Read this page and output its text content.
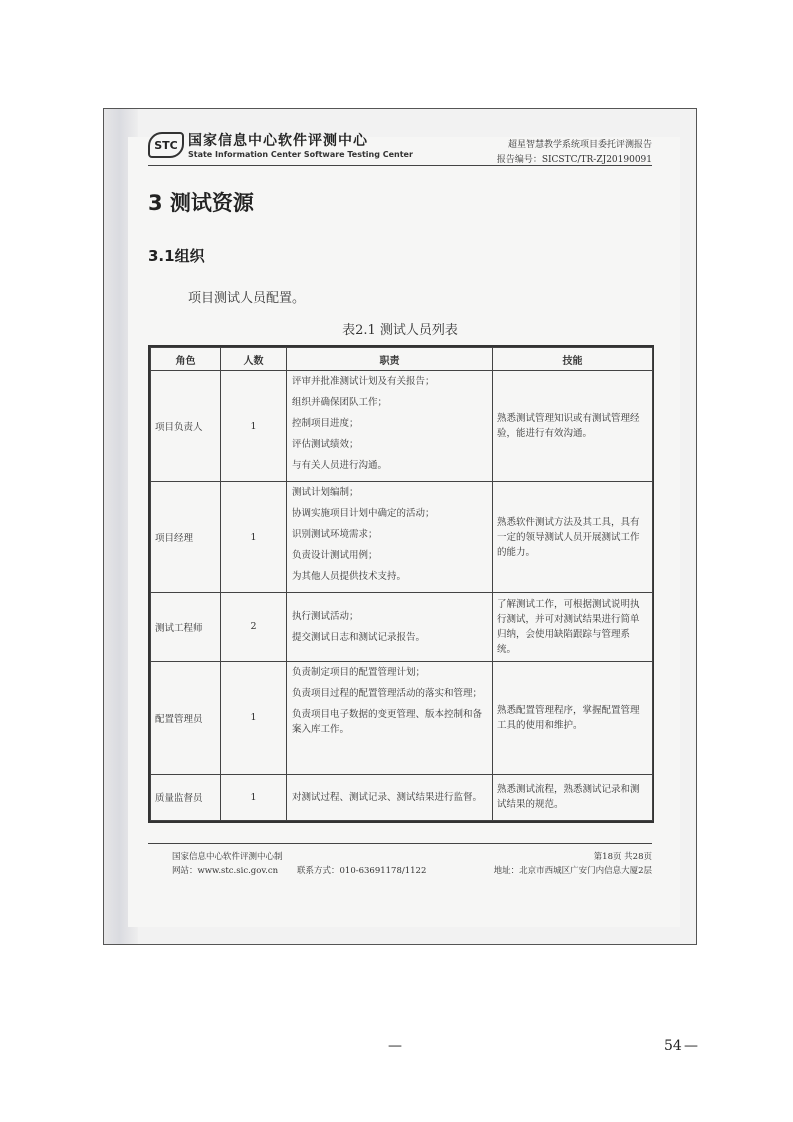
STC 国家信息中心软件评测中心
State Information Center Software Testing Center
超星智慧教学系统项目委托评测报告
报告编号：SICSTC/TR-ZJ20190091
3 测试资源
3.1组织
项目测试人员配置。
表2.1 测试人员列表
角色	人数	职责	技能
项目负责人	1	评审并批准测试计划及有关报告；
组织并确保团队工作；
控制项目进度；
评估测试绩效；
与有关人员进行沟通。	熟悉测试管理知识或有测试管理经验，能进行有效沟通。
项目经理	1	测试计划编制；
协调实施项目计划中确定的活动；
识别测试环境需求；
负责设计测试用例；
为其他人员提供技术支持。	熟悉软件测试方法及其工具，具有一定的领导测试人员开展测试工作的能力。
测试工程师	2	执行测试活动；
提交测试日志和测试记录报告。	了解测试工作，可根据测试说明执行测试，并可对测试结果进行简单归纳，会使用缺陷跟踪与管理系统。
配置管理员	1	负责制定项目的配置管理计划；
负责项目过程的配置管理活动的落实和管理；
负责项目电子数据的变更管理、版本控制和备案入库工作。	熟悉配置管理程序，掌握配置管理工具的使用和维护。
质量监督员	1	对测试过程、测试记录、测试结果进行监督。	熟悉测试流程，熟悉测试记录和测试结果的规范。
国家信息中心软件评测中心制
网站：www.stc.sic.gov.cn 联系方式：010-63691178/1122
第18页 共28页
地址：北京市西城区广安门内信息大厦2层
—	54 —
